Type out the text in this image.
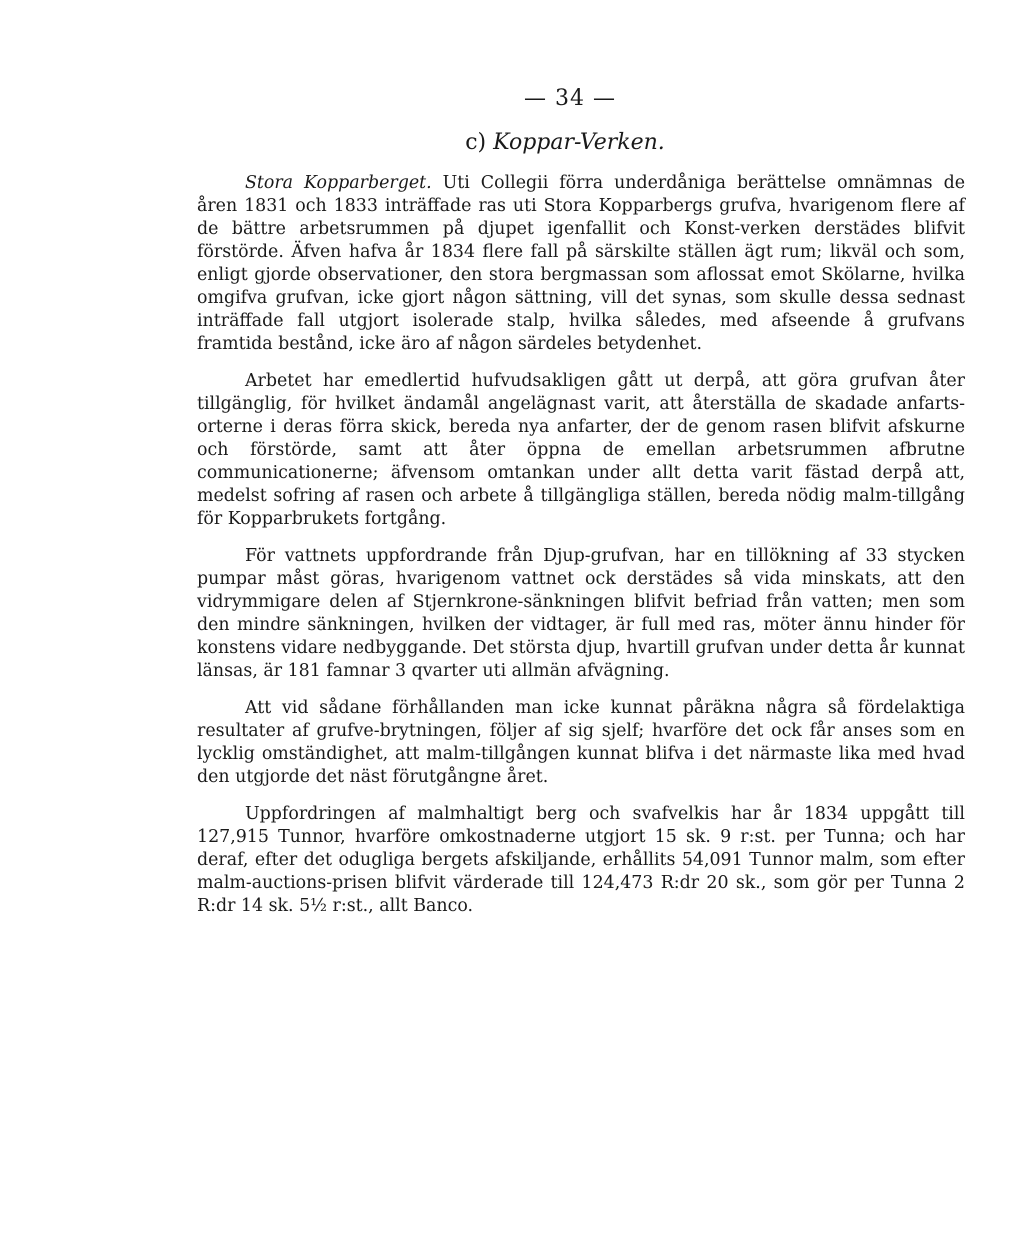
— 34 —
c) Koppar-Verken.

Stora Kopparberget. Uti Collegii förra underdåniga berättelse omnämnas de åren 1831 och 1833 inträffade ras uti Stora Kopparbergs grufva, hvarigenom flere af de bättre arbetsrummen på djupet igenfallit och Konst-verken derstädes blifvit förstörde. Äfven hafva år 1834 flere fall på särskilte ställen ägt rum; likväl och som, enligt gjorde observationer, den stora bergmassan som aflossat emot Skölarne, hvilka omgifva grufvan, icke gjort någon sättning, vill det synas, som skulle dessa sednast inträffade fall utgjort isolerade stalp, hvilka således, med afseende å grufvans framtida bestånd, icke äro af någon särdeles betydenhet.

Arbetet har emedlertid hufvudsakligen gått ut derpå, att göra grufvan åter tillgänglig, för hvilket ändamål angelägnast varit, att återställa de skadade anfarts-orterne i deras förra skick, bereda nya anfarter, der de genom rasen blifvit afskurne och förstörde, samt att åter öppna de emellan arbetsrummen afbrutne communicationerne; äfvensom omtankan under allt detta varit fästad derpå att, medelst sofring af rasen och arbete å tillgängliga ställen, bereda nödig malm-tillgång för Kopparbrukets fortgång.

För vattnets uppfordrande från Djup-grufvan, har en tillökning af 33 stycken pumpar måst göras, hvarigenom vattnet ock derstädes så vida minskats, att den vidrymmigare delen af Stjernkrone-sänkningen blifvit befriad från vatten; men som den mindre sänkningen, hvilken der vidtager, är full med ras, möter ännu hinder för konstens vidare nedbyggande. Det största djup, hvartill grufvan under detta år kunnat länsas, är 181 famnar 3 qvarter uti allmän afvägning.

Att vid sådane förhållanden man icke kunnat påräkna några så fördelaktiga resultater af grufve-brytningen, följer af sig sjelf; hvarföre det ock får anses som en lycklig omständighet, att malm-tillgången kunnat blifva i det närmaste lika med hvad den utgjorde det näst förutgångne året.

Uppfordringen af malmhaltigt berg och svafvelkis har år 1834 uppgått till 127,915 Tunnor, hvarföre omkostnaderne utgjort 15 sk. 9 r:st. per Tunna; och har deraf, efter det odugliga bergets afskiljande, erhållits 54,091 Tunnor malm, som efter malm-auctions-prisen blifvit värderade till 124,473 R:dr 20 sk., som gör per Tunna 2 R:dr 14 sk. 5½ r:st., allt Banco.
